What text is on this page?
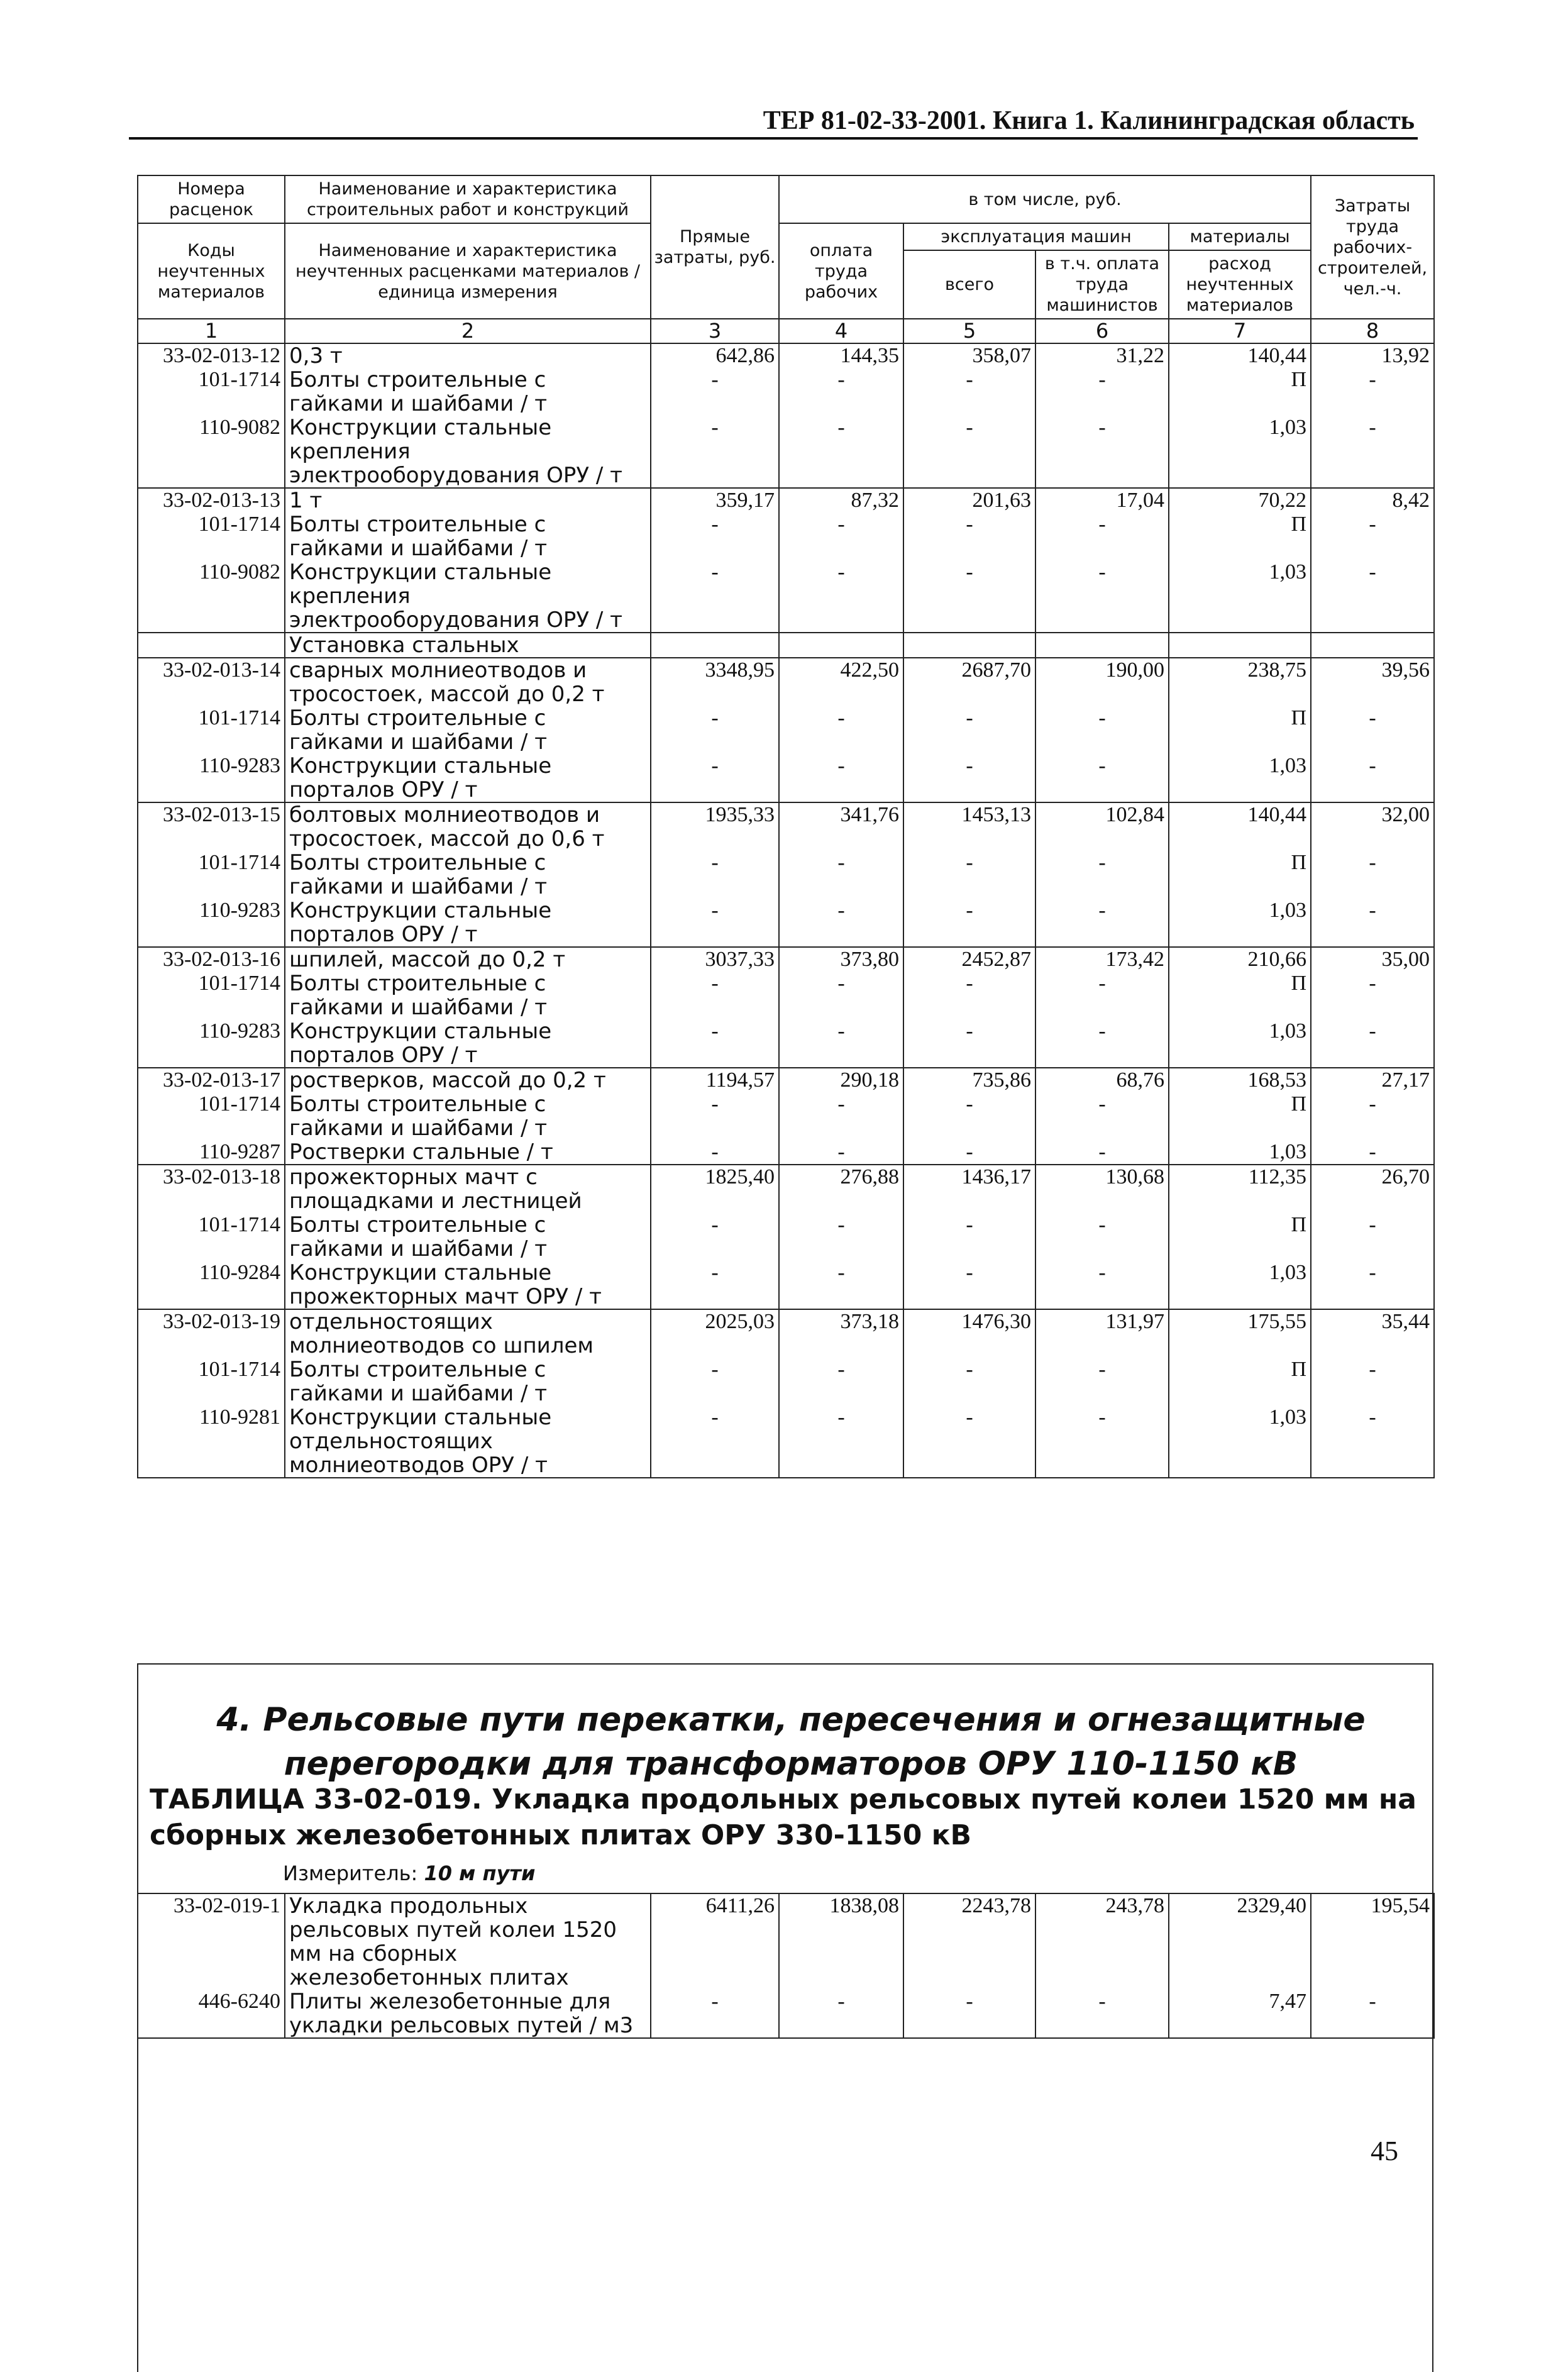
ТЕР 81-02-33-2001. Книга 1. Калининградская область
Номера расценок	Наименование и характеристика строительных работ и конструкций	Прямые затраты, руб.	в том числе, руб.				Затраты труда рабочих-строителей, чел.-ч.
Коды неучтенных материалов	Наименование и характеристика неучтенных расценками материалов / единица измерения		оплата труда рабочих	эксплуатация машин		материалы	
				всего	в т.ч. оплата труда машинистов	расход неучтенных материалов	
1	2	3	4	5	6	7	8
33-02-013-12	0,3 т	642,86	144,35	358,07	31,22	140,44	13,92
101-1714	Болты строительные с гайками и шайбами / т	-	-	-	-	П	-
110-9082	Конструкции стальные крепления электрооборудования ОРУ / т	-	-	-	-	1,03	-
33-02-013-13	1 т	359,17	87,32	201,63	17,04	70,22	8,42
101-1714	Болты строительные с гайками и шайбами / т	-	-	-	-	П	-
110-9082	Конструкции стальные крепления электрооборудования ОРУ / т	-	-	-	-	1,03	-
	Установка стальных						
33-02-013-14	сварных молниеотводов и тросостоек, массой до 0,2 т	3348,95	422,50	2687,70	190,00	238,75	39,56
101-1714	Болты строительные с гайками и шайбами / т	-	-	-	-	П	-
110-9283	Конструкции стальные порталов ОРУ / т	-	-	-	-	1,03	-
33-02-013-15	болтовых молниеотводов и тросостоек, массой до 0,6 т	1935,33	341,76	1453,13	102,84	140,44	32,00
101-1714	Болты строительные с гайками и шайбами / т	-	-	-	-	П	-
110-9283	Конструкции стальные порталов ОРУ / т	-	-	-	-	1,03	-
33-02-013-16	шпилей, массой до 0,2 т	3037,33	373,80	2452,87	173,42	210,66	35,00
101-1714	Болты строительные с гайками и шайбами / т	-	-	-	-	П	-
110-9283	Конструкции стальные порталов ОРУ / т	-	-	-	-	1,03	-
33-02-013-17	ростверков, массой до 0,2 т	1194,57	290,18	735,86	68,76	168,53	27,17
101-1714	Болты строительные с гайками и шайбами / т	-	-	-	-	П	-
110-9287	Ростверки стальные / т	-	-	-	-	1,03	-
33-02-013-18	прожекторных мачт с площадками и лестницей	1825,40	276,88	1436,17	130,68	112,35	26,70
101-1714	Болты строительные с гайками и шайбами / т	-	-	-	-	П	-
110-9284	Конструкции стальные прожекторных мачт ОРУ / т	-	-	-	-	1,03	-
33-02-013-19	отдельностоящих молниеотводов со шпилем	2025,03	373,18	1476,30	131,97	175,55	35,44
101-1714	Болты строительные с гайками и шайбами / т	-	-	-	-	П	-
110-9281	Конструкции стальные отдельностоящих молниеотводов ОРУ / т	-	-	-	-	1,03	-
4. Рельсовые пути перекатки, пересечения и огнезащитные перегородки для трансформаторов ОРУ 110-1150 кВ
ТАБЛИЦА 33-02-019. Укладка продольных рельсовых путей колеи 1520 мм на сборных железобетонных плитах ОРУ 330-1150 кВ
Измеритель: 10 м пути
33-02-019-1	Укладка продольных рельсовых путей колеи 1520 мм на сборных железобетонных плитах	6411,26	1838,08	2243,78	243,78	2329,40	195,54
446-6240	Плиты железобетонные для укладки рельсовых путей / м3	-	-	-	-	7,47	-
45
